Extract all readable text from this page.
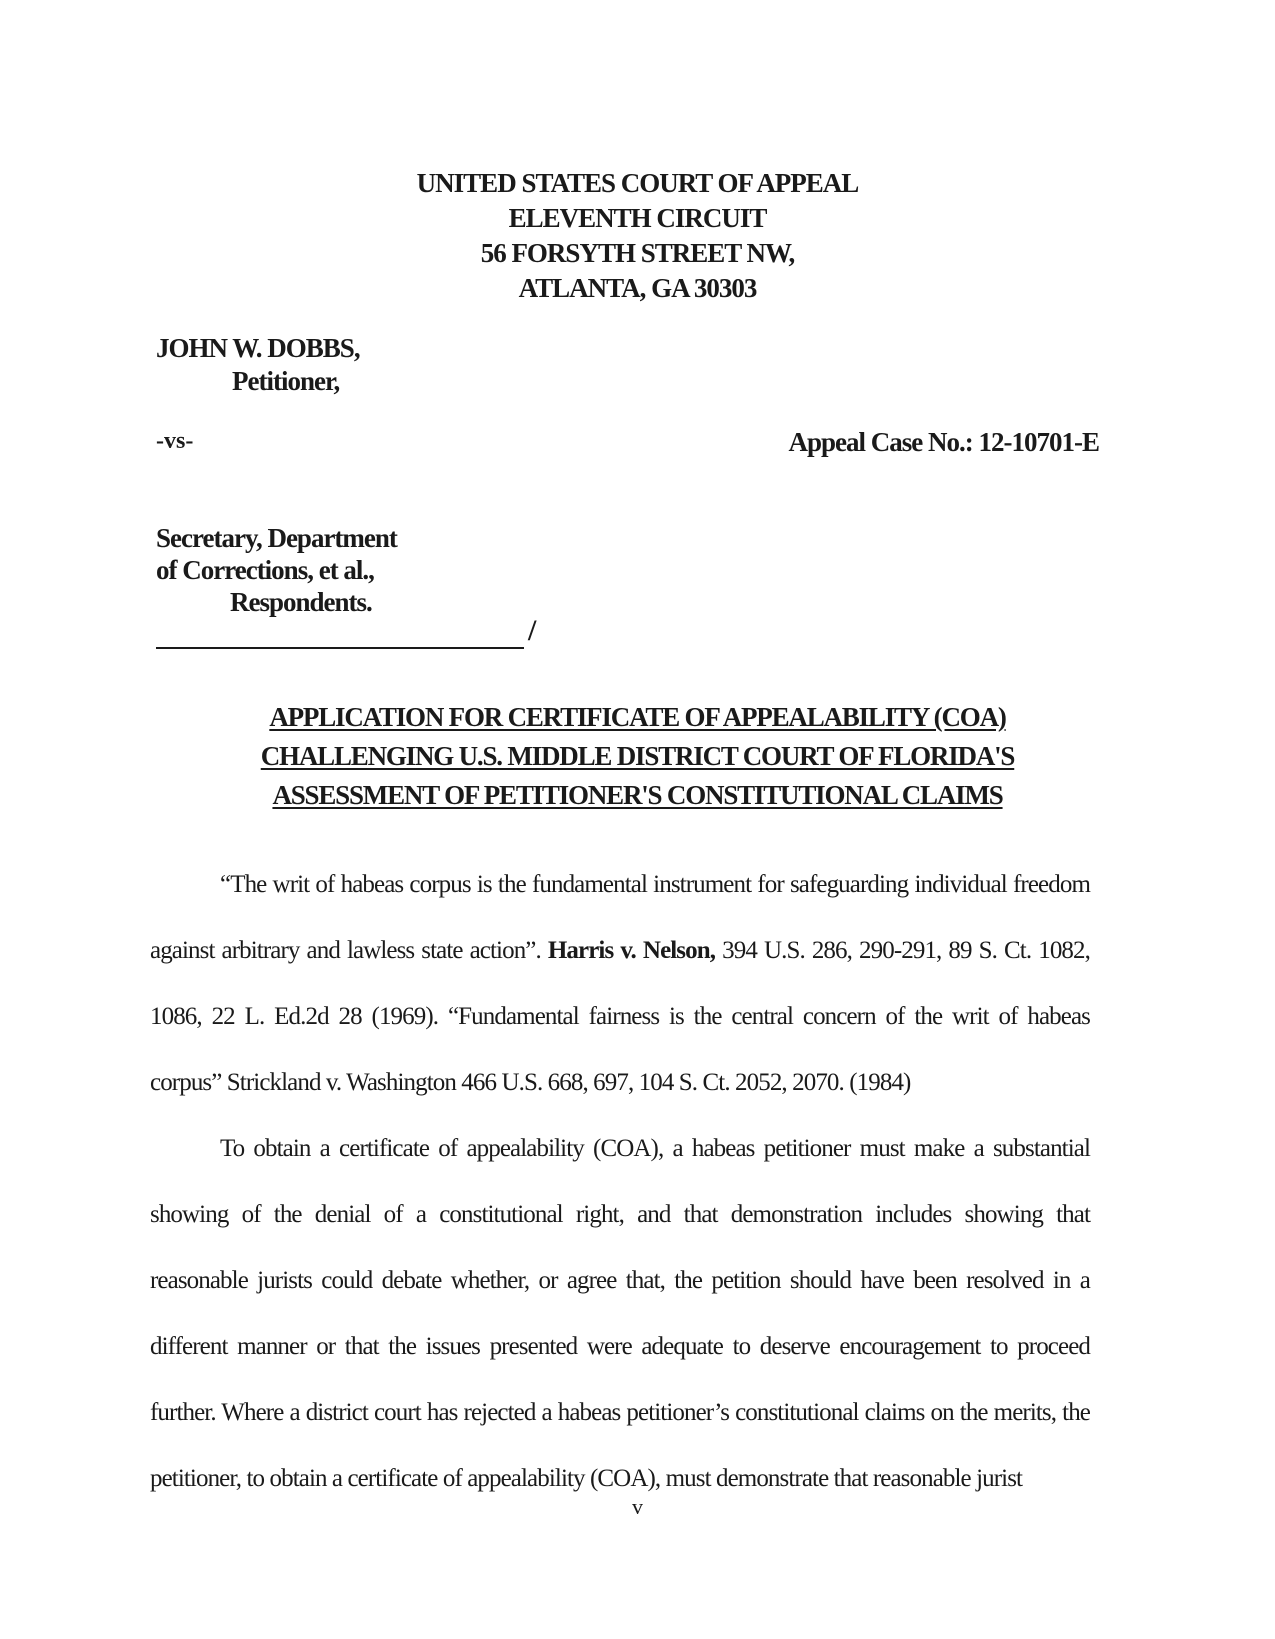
UNITED STATES COURT OF APPEAL
ELEVENTH CIRCUIT
56 FORSYTH STREET NW,
ATLANTA, GA 30303
JOHN W. DOBBS,
Petitioner,
-vs-	Appeal Case No.: 12-10701-E
Secretary, Department
of Corrections, et al.,
Respondents.
/
APPLICATION FOR CERTIFICATE OF APPEALABILITY (COA)
CHALLENGING U.S. MIDDLE DISTRICT COURT OF FLORIDA'S
ASSESSMENT OF PETITIONER'S CONSTITUTIONAL CLAIMS

“The writ of habeas corpus is the fundamental instrument for safeguarding individual freedom against arbitrary and lawless state action”. Harris v. Nelson, 394 U.S. 286, 290-291, 89 S. Ct. 1082, 1086, 22 L. Ed.2d 28 (1969). “Fundamental fairness is the central concern of the writ of habeas corpus” Strickland v. Washington 466 U.S. 668, 697, 104 S. Ct. 2052, 2070. (1984)

To obtain a certificate of appealability (COA), a habeas petitioner must make a substantial showing of the denial of a constitutional right, and that demonstration includes showing that reasonable jurists could debate whether, or agree that, the petition should have been resolved in a different manner or that the issues presented were adequate to deserve encouragement to proceed further. Where a district court has rejected a habeas petitioner’s constitutional claims on the merits, the petitioner, to obtain a certificate of appealability (COA), must demonstrate that reasonable jurist

v
